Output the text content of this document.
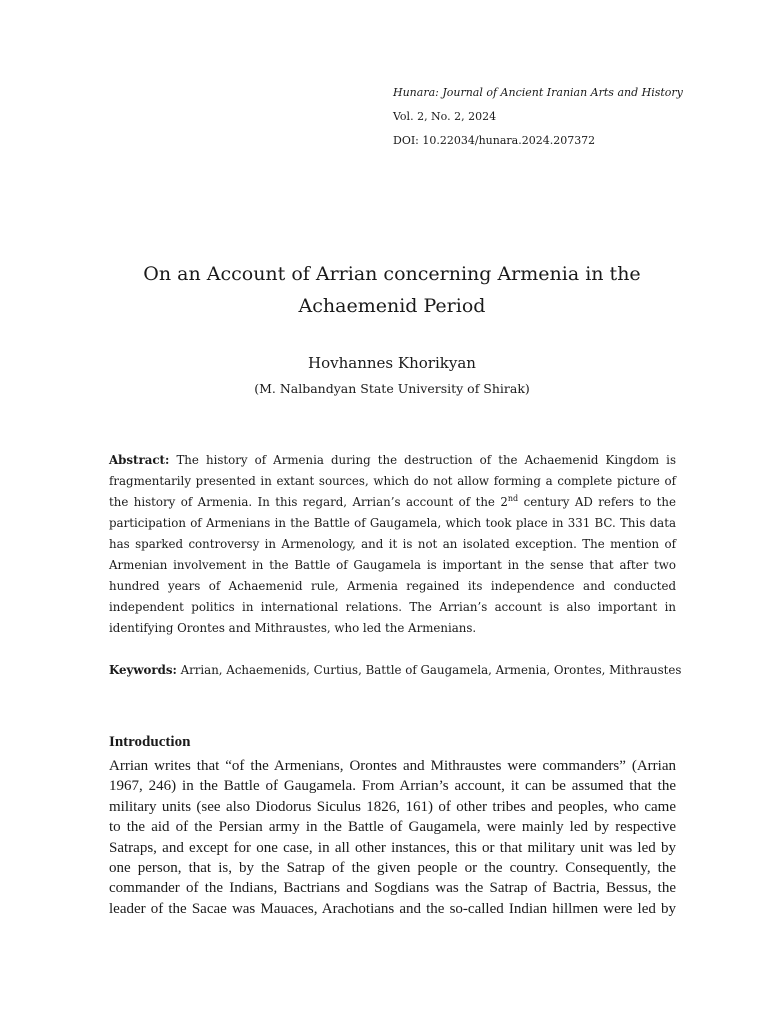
Hunara: Journal of Ancient Iranian Arts and History
Vol. 2, No. 2, 2024
DOI: 10.22034/hunara.2024.207372
On an Account of Arrian concerning Armenia in the
Achaemenid Period
Hovhannes Khorikyan
(M. Nalbandyan State University of Shirak)
Abstract: The history of Armenia during the destruction of the Achaemenid Kingdom is fragmentarily presented in extant sources, which do not allow forming a complete picture of the history of Armenia. In this regard, Arrian’s account of the 2nd century AD refers to the participation of Armenians in the Battle of Gaugamela, which took place in 331 BC. This data has sparked controversy in Armenology, and it is not an isolated exception. The mention of Armenian involvement in the Battle of Gaugamela is important in the sense that after two hundred years of Achaemenid rule, Armenia regained its independence and conducted independent politics in international relations. The Arrian’s account is also important in identifying Orontes and Mithraustes, who led the Armenians.
Keywords: Arrian, Achaemenids, Curtius, Battle of Gaugamela, Armenia, Orontes, Mithraustes
Introduction
Arrian writes that “of the Armenians, Orontes and Mithraustes were commanders” (Arrian
1967, 246) in the Battle of Gaugamela. From Arrian’s account, it can be assumed that the
military units (see also Diodorus Siculus 1826, 161) of other tribes and peoples, who came
to the aid of the Persian army in the Battle of Gaugamela, were mainly led by respective
Satraps, and except for one case, in all other instances, this or that military unit was led by
one person, that is, by the Satrap of the given people or the country. Consequently, the
commander of the Indians, Bactrians and Sogdians was the Satrap of Bactria, Bessus, the
leader of the Sacae was Mauaces, Arachotians and the so-called Indian hillmen were led by
